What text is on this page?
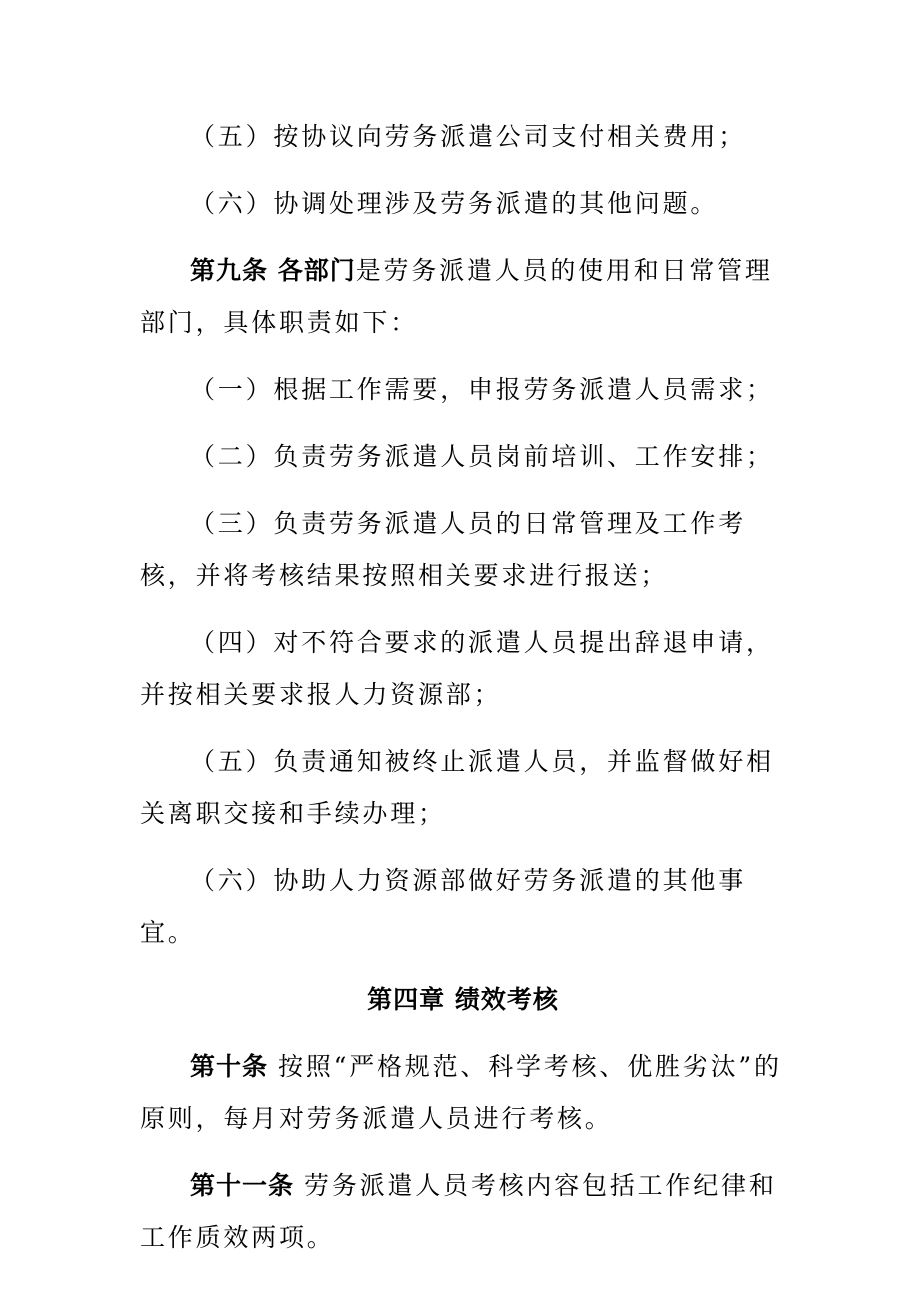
（五）按协议向劳务派遣公司支付相关费用；

（六）协调处理涉及劳务派遣的其他问题。

第九条 各部门是劳务派遣人员的使用和日常管理部门，具体职责如下：

（一）根据工作需要，申报劳务派遣人员需求；

（二）负责劳务派遣人员岗前培训、工作安排；

（三）负责劳务派遣人员的日常管理及工作考核，并将考核结果按照相关要求进行报送；

（四）对不符合要求的派遣人员提出辞退申请，并按相关要求报人力资源部；

（五）负责通知被终止派遣人员，并监督做好相关离职交接和手续办理；

（六）协助人力资源部做好劳务派遣的其他事宜。

第四章 绩效考核

第十条 按照“严格规范、科学考核、优胜劣汰”的原则，每月对劳务派遣人员进行考核。

第十一条 劳务派遣人员考核内容包括工作纪律和工作质效两项。
